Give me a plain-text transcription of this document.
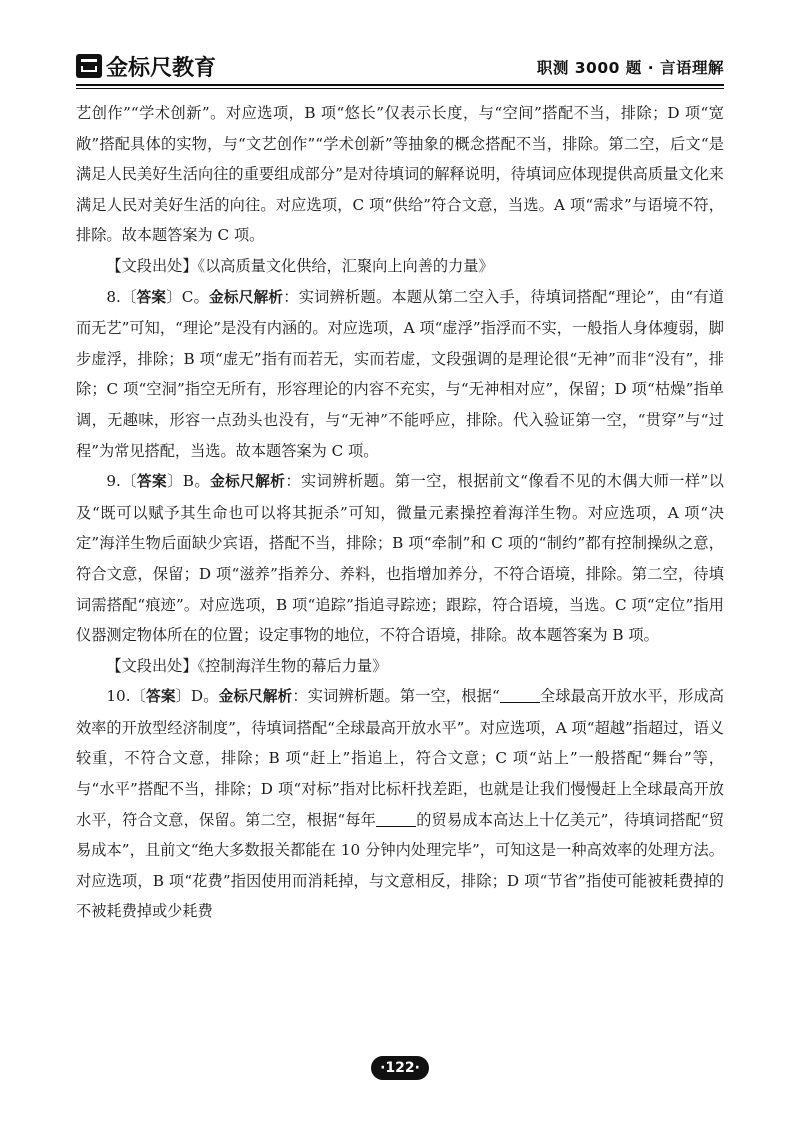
金标尺教育	职测 3000 题 · 言语理解

艺创作”“学术创新”。对应选项，B 项“悠长”仅表示长度，与“空间”搭配不当，排除；D 项“宽敞”搭配具体的实物，与“文艺创作”“学术创新”等抽象的概念搭配不当，排除。第二空，后文“是满足人民美好生活向往的重要组成部分”是对待填词的解释说明，待填词应体现提供高质量文化来满足人民对美好生活的向往。对应选项，C 项“供给”符合文意，当选。A 项“需求”与语境不符，排除。故本题答案为 C 项。

【文段出处】《以高质量文化供给，汇聚向上向善的力量》

8.〔答案〕C。金标尺解析：实词辨析题。本题从第二空入手，待填词搭配“理论”，由“有道而无艺”可知，“理论”是没有内涵的。对应选项，A 项“虚浮”指浮而不实，一般指人身体瘦弱，脚步虚浮，排除；B 项“虚无”指有而若无，实而若虚，文段强调的是理论很“无神”而非“没有”，排除；C 项“空洞”指空无所有，形容理论的内容不充实，与“无神相对应”，保留；D 项“枯燥”指单调，无趣味，形容一点劲头也没有，与“无神”不能呼应，排除。代入验证第一空，“贯穿”与“过程”为常见搭配，当选。故本题答案为 C 项。

9.〔答案〕B。金标尺解析：实词辨析题。第一空，根据前文“像看不见的木偶大师一样”以及“既可以赋予其生命也可以将其扼杀”可知，微量元素操控着海洋生物。对应选项，A 项“决定”海洋生物后面缺少宾语，搭配不当，排除；B 项“牵制”和 C 项的“制约”都有控制操纵之意，符合文意，保留；D 项“滋养”指养分、养料，也指增加养分，不符合语境，排除。第二空，待填词需搭配“痕迹”。对应选项，B 项“追踪”指追寻踪迹；跟踪，符合语境，当选。C 项“定位”指用仪器测定物体所在的位置；设定事物的地位，不符合语境，排除。故本题答案为 B 项。

【文段出处】《控制海洋生物的幕后力量》

10.〔答案〕D。金标尺解析：实词辨析题。第一空，根据“	全球最高开放水平，形成高效率的开放型经济制度”，待填词搭配“全球最高开放水平”。对应选项，A 项“超越”指超过，语义较重，不符合文意，排除；B 项“赶上”指追上，符合文意；C 项“站上”一般搭配“舞台”等，与“水平”搭配不当，排除；D 项“对标”指对比标杆找差距，也就是让我们慢慢赶上全球最高开放水平，符合文意，保留。第二空，根据“每年	的贸易成本高达上十亿美元”，待填词搭配“贸易成本”，且前文“绝大多数报关都能在 10 分钟内处理完毕”，可知这是一种高效率的处理方法。对应选项，B 项“花费”指因使用而消耗掉，与文意相反，排除；D 项“节省”指使可能被耗费掉的不被耗费掉或少耗费

·122·
